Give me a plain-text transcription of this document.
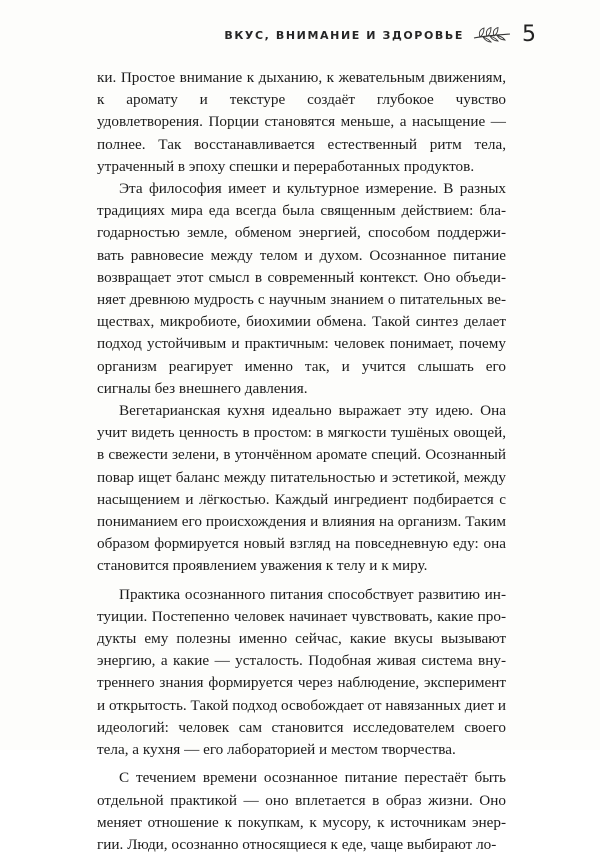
ВКУС, ВНИМАНИЕ И ЗДОРОВЬЕ	5

ки. Простое внимание к дыханию, к жевательным движениям, к аромату и текстуре создаёт глубокое чувство удовлетворения. Порции становятся меньше, а насыщение — полнее. Так восстанавливается естественный ритм тела, утраченный в эпоху спешки и переработанных продуктов.

Эта философия имеет и культурное измерение. В разных традициях мира еда всегда была священным действием: благодарностью земле, обменом энергией, способом поддерживать равновесие между телом и духом. Осознанное питание возвращает этот смысл в современный контекст. Оно объединяет древнюю мудрость с научным знанием о питательных веществах, микробиоте, биохимии обмена. Такой синтез делает подход устойчивым и практичным: человек понимает, почему организм реагирует именно так, и учится слышать его сигналы без внешнего давления.

Вегетарианская кухня идеально выражает эту идею. Она учит видеть ценность в простом: в мягкости тушёных овощей, в свежести зелени, в утончённом аромате специй. Осознанный повар ищет баланс между питательностью и эстетикой, между насыщением и лёгкостью. Каждый ингредиент подбирается с пониманием его происхождения и влияния на организм. Таким образом формируется новый взгляд на повседневную еду: она становится проявлением уважения к телу и к миру.

Практика осознанного питания способствует развитию интуиции. Постепенно человек начинает чувствовать, какие продукты ему полезны именно сейчас, какие вкусы вызывают энергию, а какие — усталость. Подобная живая система внутреннего знания формируется через наблюдение, эксперимент и открытость. Такой подход освобождает от навязанных диет и идеологий: человек сам становится исследователем своего тела, а кухня — его лабораторией и местом творчества.

С течением времени осознанное питание перестаёт быть отдельной практикой — оно вплетается в образ жизни. Оно меняет отношение к покупкам, к мусору, к источникам энергии. Люди, осознанно относящиеся к еде, чаще выбирают ло-
